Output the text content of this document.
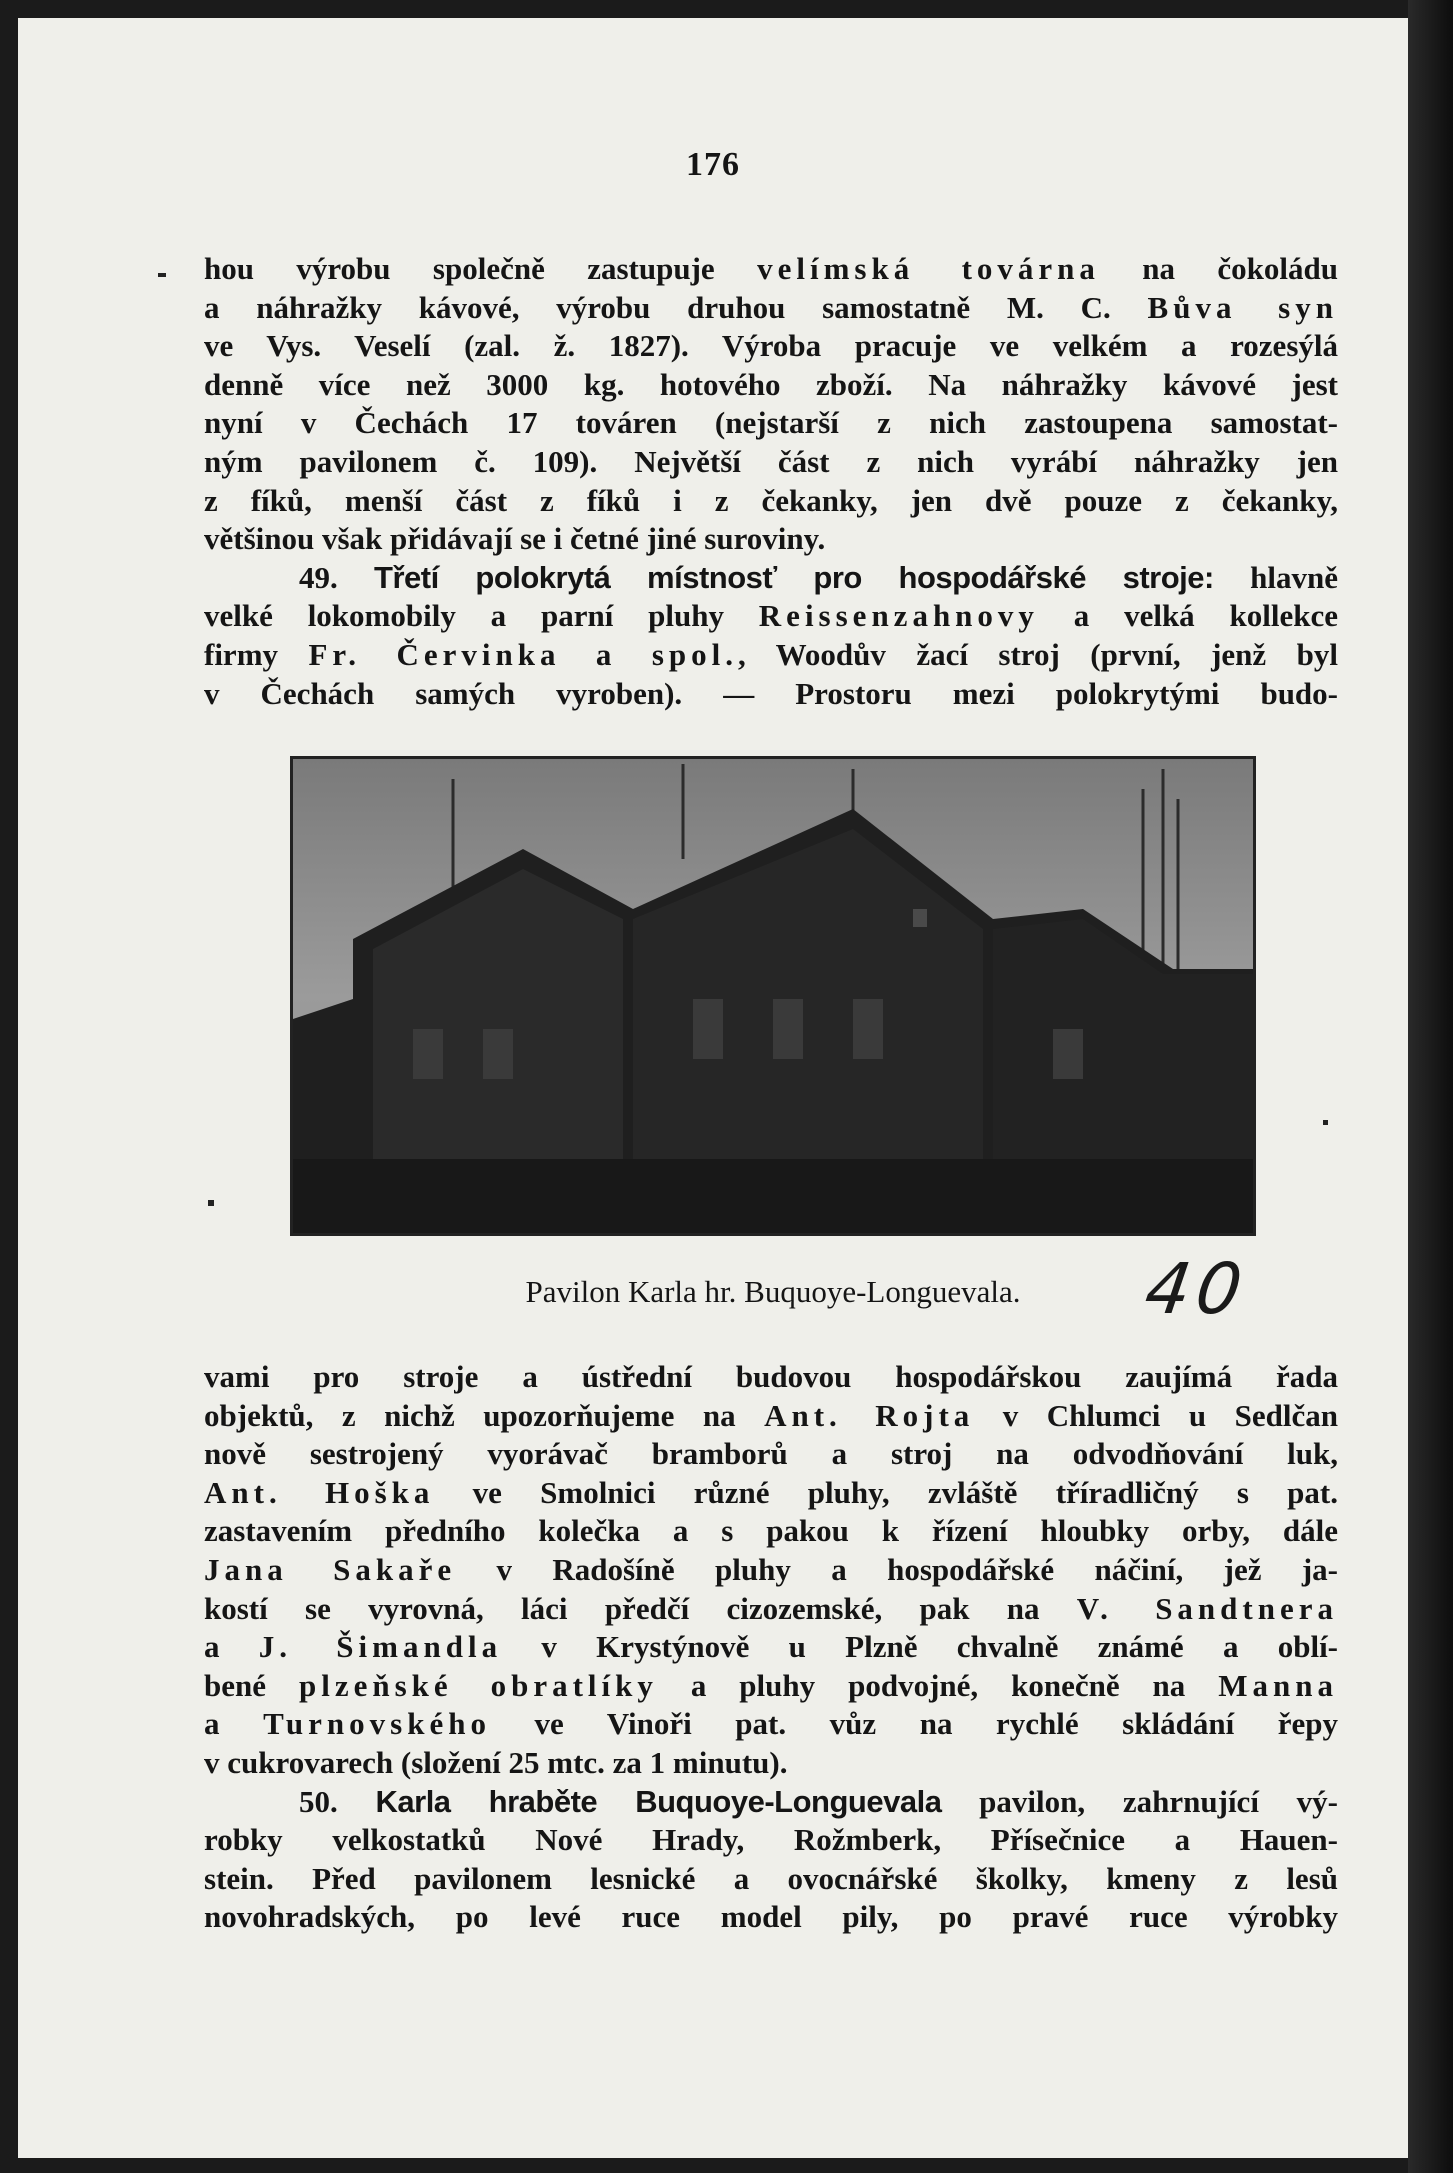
176
hou výrobu společně zastupuje velímská továrna na čokoládu
a náhražky kávové, výrobu druhou samostatně M. C. Bůva syn
ve Vys. Veselí (zal. ž. 1827). Výroba pracuje ve velkém a rozesýlá
denně více než 3000 kg. hotového zboží. Na náhražky kávové jest
nyní v Čechách 17 továren (nejstarší z nich zastoupena samostat-
ným pavilonem č. 109). Největší část z nich vyrábí náhražky jen
z fíků, menší část z fíků i z čekanky, jen dvě pouze z čekanky,
většinou však přidávají se i četné jiné suroviny.
49. Třetí polokrytá místnosť pro hospodářské stroje: hlavně
velké lokomobily a parní pluhy Reissenzahnovy a velká kollekce
firmy Fr. Červinka a spol., Woodův žací stroj (první, jenž byl
v Čechách samých vyroben). — Prostoru mezi polokrytými budo-
Pavilon Karla hr. Buquoye-Longuevala.	40
vami pro stroje a ústřední budovou hospodářskou zaujímá řada
objektů, z nichž upozorňujeme na Ant. Rojta v Chlumci u Sedlčan
nově sestrojený vyorávač bramborů a stroj na odvodňování luk,
Ant. Hoška ve Smolnici různé pluhy, zvláště tříradličný s pat.
zastavením předního kolečka a s pakou k řízení hloubky orby, dále
Jana Sakaře v Radošíně pluhy a hospodářské náčiní, jež ja-
kostí se vyrovná, láci předčí cizozemské, pak na V. Sandtnera
a J. Šimandla v Krystýnově u Plzně chvalně známé a oblí-
bené plzeňské obratlíky a pluhy podvojné, konečně na Manna
a Turnovského ve Vinoři pat. vůz na rychlé skládání řepy
v cukrovarech (složení 25 mtc. za 1 minutu).
50. Karla hraběte Buquoye-Longuevala pavilon, zahrnující vý-
robky velkostatků Nové Hrady, Rožmberk, Přísečnice a Hauen-
stein. Před pavilonem lesnické a ovocnářské školky, kmeny z lesů
novohradských, po levé ruce model pily, po pravé ruce výrobky
